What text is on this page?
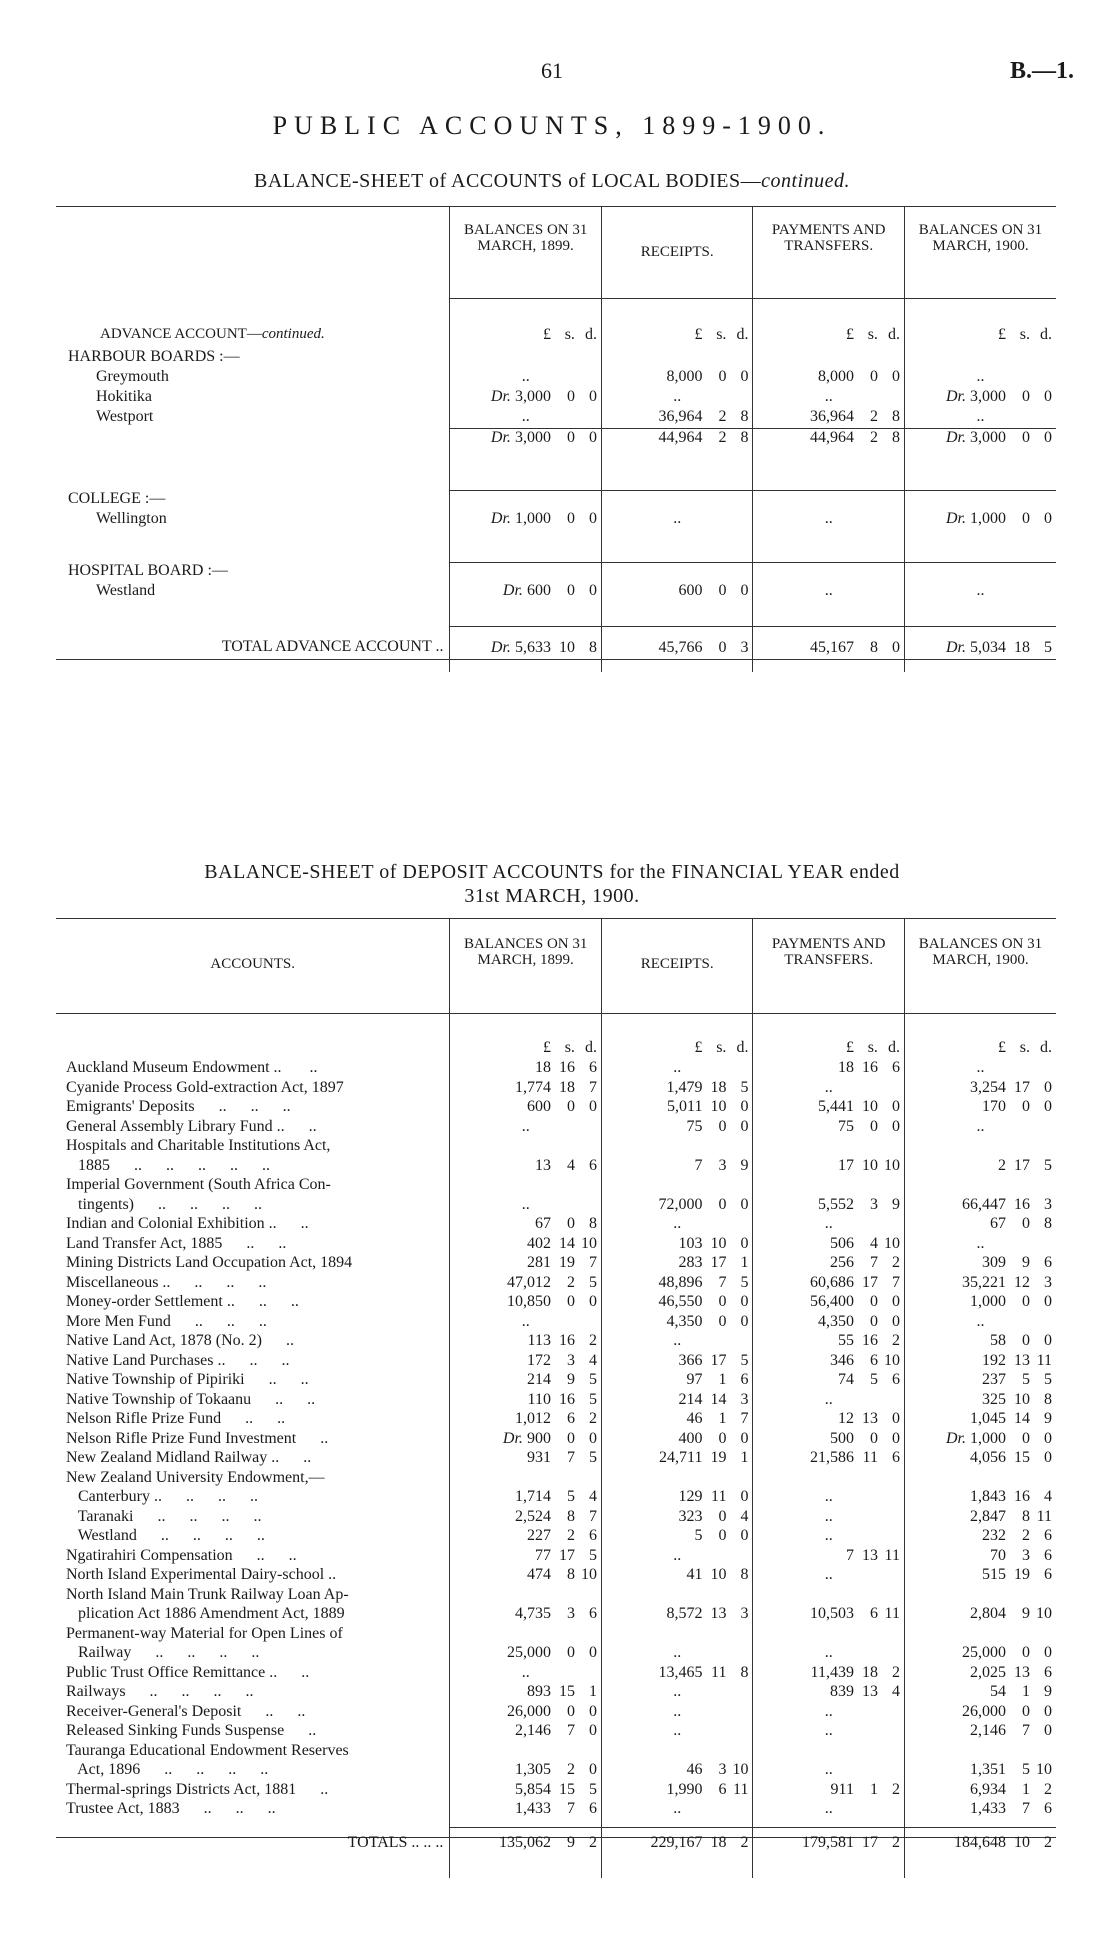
61	B.—1.
PUBLIC ACCOUNTS, 1899-1900.
BALANCE-SHEET of ACCOUNTS of LOCAL BODIES—continued.
	BALANCES ON 31 MARCH, 1899.	RECEIPTS.	PAYMENTS AND TRANSFERS.	BALANCES ON 31 MARCH, 1900.

ADVANCE ACCOUNT—continued.	£ s. d.	£ s. d.	£ s. d.	£ s. d.

HARBOUR BOARDS :—				
Greymouth	..	8,000 0 0	8,000 0 0	..

Hokitika	Dr. 3,000 0 0	..	..	Dr. 3,000 0 0

Westport	..	36,964 2 8	36,964 2 8	..

	Dr. 3,000 0 0	44,964 2 8	44,964 2 8	Dr. 3,000 0 0

COLLEGE :—				
Wellington	Dr. 1,000 0 0	..	..	Dr. 1,000 0 0

HOSPITAL BOARD :—				
Westland	Dr. 600 0 0	600 0 0	..	..

TOTAL ADVANCE ACCOUNT ..	Dr. 5,633 10 8	45,766 0 3	45,167 8 0	Dr. 5,034 18 5
BALANCE-SHEET of DEPOSIT ACCOUNTS for the FINANCIAL YEAR ended
31st MARCH, 1900.
ACCOUNTS.	BALANCES ON 31 MARCH, 1899.	RECEIPTS.	PAYMENTS AND TRANSFERS.	BALANCES ON 31 MARCH, 1900.

	£ s. d.	£ s. d.	£ s. d.	£ s. d.

Auckland Museum Endowment ..       ..	18 16 6	..	18 16 6	..

Cyanide Process Gold-extraction Act, 1897	1,774 18 7	1,479 18 5	..	3,254 17 0

Emigrants' Deposits      ..      ..      ..	600 0 0	5,011 10 0	5,441 10 0	170 0 0

General Assembly Library Fund ..      ..	..	75 0 0	75 0 0	..

Hospitals and Charitable Institutions Act,	

1885      ..      ..      ..      ..      ..	13 4 6	7 3 9	17 10 10	2 17 5

Imperial Government (South Africa Con-	

tingents)      ..      ..      ..      ..	..	72,000 0 0	5,552 3 9	66,447 16 3

Indian and Colonial Exhibition ..      ..	67 0 8	..	..	67 0 8

Land Transfer Act, 1885      ..      ..	402 14 10	103 10 0	506 4 10	..

Mining Districts Land Occupation Act, 1894	281 19 7	283 17 1	256 7 2	309 9 6

Miscellaneous ..      ..      ..      ..	47,012 2 5	48,896 7 5	60,686 17 7	35,221 12 3

Money-order Settlement ..      ..      ..	10,850 0 0	46,550 0 0	56,400 0 0	1,000 0 0

More Men Fund      ..      ..      ..	..	4,350 0 0	4,350 0 0	..

Native Land Act, 1878 (No. 2)      ..	113 16 2	..	55 16 2	58 0 0

Native Land Purchases ..      ..      ..	172 3 4	366 17 5	346 6 10	192 13 11

Native Township of Pipiriki      ..      ..	214 9 5	97 1 6	74 5 6	237 5 5

Native Township of Tokaanu      ..      ..	110 16 5	214 14 3	..	325 10 8

Nelson Rifle Prize Fund      ..      ..	1,012 6 2	46 1 7	12 13 0	1,045 14 9

Nelson Rifle Prize Fund Investment      ..	Dr. 900 0 0	400 0 0	500 0 0	Dr. 1,000 0 0

New Zealand Midland Railway ..      ..	931 7 5	24,711 19 1	21,586 11 6	4,056 15 0

New Zealand University Endowment,—	

Canterbury ..      ..      ..      ..	1,714 5 4	129 11 0	..	1,843 16 4

Taranaki      ..      ..      ..      ..	2,524 8 7	323 0 4	..	2,847 8 11

Westland      ..      ..      ..      ..	227 2 6	5 0 0	..	232 2 6

Ngatirahiri Compensation      ..      ..	77 17 5	..	7 13 11	70 3 6

North Island Experimental Dairy-school ..	474 8 10	41 10 8	..	515 19 6

North Island Main Trunk Railway Loan Ap-	

plication Act 1886 Amendment Act, 1889	4,735 3 6	8,572 13 3	10,503 6 11	2,804 9 10

Permanent-way Material for Open Lines of	

Railway      ..      ..      ..      ..	25,000 0 0	..	..	25,000 0 0

Public Trust Office Remittance ..      ..	..	13,465 11 8	11,439 18 2	2,025 13 6

Railways      ..      ..      ..      ..	893 15 1	..	839 13 4	54 1 9

Receiver-General's Deposit      ..      ..	26,000 0 0	..	..	26,000 0 0

Released Sinking Funds Suspense      ..	2,146 7 0	..	..	2,146 7 0

Tauranga Educational Endowment Reserves	

Act, 1896      ..      ..      ..      ..	1,305 2 0	46 3 10	..	1,351 5 10

Thermal-springs Districts Act, 1881      ..	5,854 15 5	1,990 6 11	911 1 2	6,934 1 2

Trustee Act, 1883      ..      ..      ..	1,433 7 6	..	..	1,433 7 6

TOTALS .. .. ..	135,062 9 2	229,167 18 2	179,581 17 2	184,648 10 2
